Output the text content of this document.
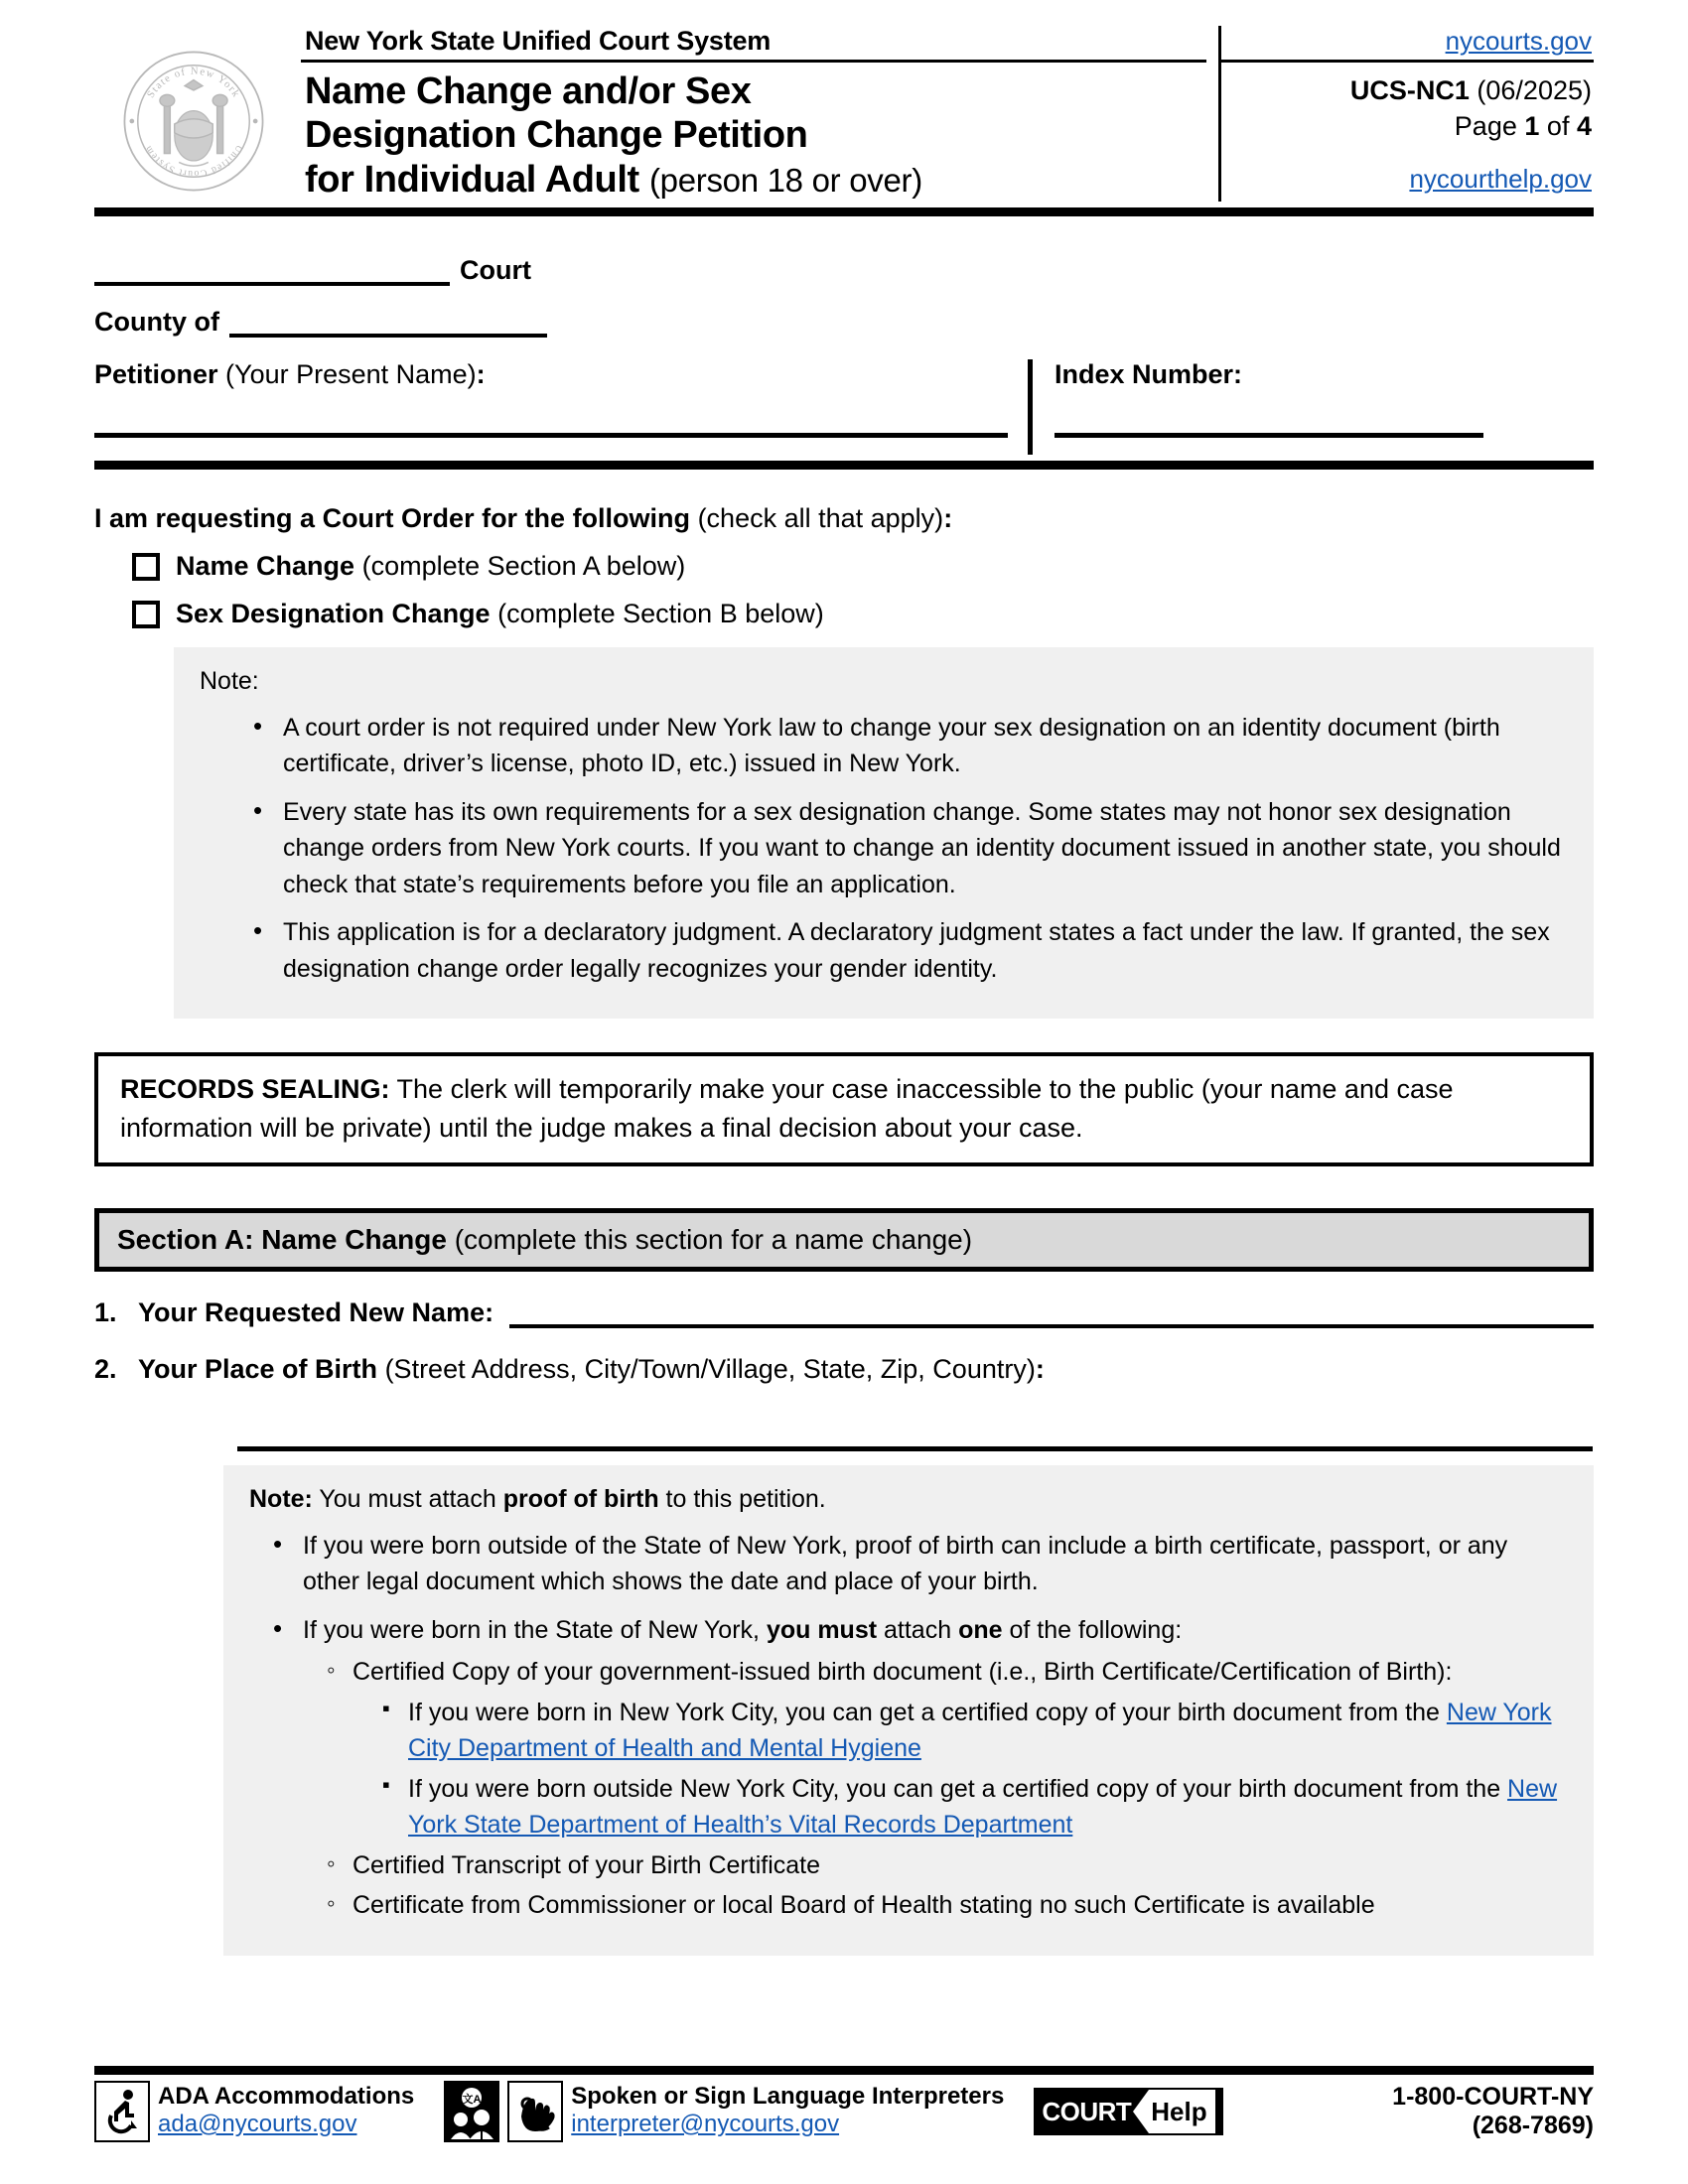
State of New York
Unified Court System
New York State Unified Court System
Name Change and/or Sex
Designation Change Petition
for Individual Adult (person 18 or over)
nycourts.gov
UCS-NC1 (06/2025)
Page 1 of 4
nycourthelp.gov
Court
County of
Petitioner (Your Present Name):	Index Number:
I am requesting a Court Order for the following (check all that apply):
Name Change (complete Section A below)
Sex Designation Change (complete Section B below)
Note:
• A court order is not required under New York law to change your sex designation on an identity document (birth certificate, driver’s license, photo ID, etc.) issued in New York.
• Every state has its own requirements for a sex designation change. Some states may not honor sex designation change orders from New York courts. If you want to change an identity document issued in another state, you should check that state’s requirements before you file an application.
• This application is for a declaratory judgment. A declaratory judgment states a fact under the law. If granted, the sex designation change order legally recognizes your gender identity.
RECORDS SEALING: The clerk will temporarily make your case inaccessible to the public (your name and case information will be private) until the judge makes a final decision about your case.
Section A: Name Change (complete this section for a name change)
1. Your Requested New Name:
2. Your Place of Birth (Street Address, City/Town/Village, State, Zip, Country):
Note: You must attach proof of birth to this petition.
• If you were born outside of the State of New York, proof of birth can include a birth certificate, passport, or any other legal document which shows the date and place of your birth.
• If you were born in the State of New York, you must attach one of the following:
◦ Certified Copy of your government-issued birth document (i.e., Birth Certificate/Certification of Birth):
▪ If you were born in New York City, you can get a certified copy of your birth document from the New York City Department of Health and Mental Hygiene
▪ If you were born outside New York City, you can get a certified copy of your birth document from the New York State Department of Health’s Vital Records Department
◦ Certified Transcript of your Birth Certificate
◦ Certificate from Commissioner or local Board of Health stating no such Certificate is available
ADA Accommodations
ada@nycourts.gov
文A	Spoken or Sign Language Interpreters
interpreter@nycourts.gov	COURT Help	1-800-COURT-NY
(268-7869)
